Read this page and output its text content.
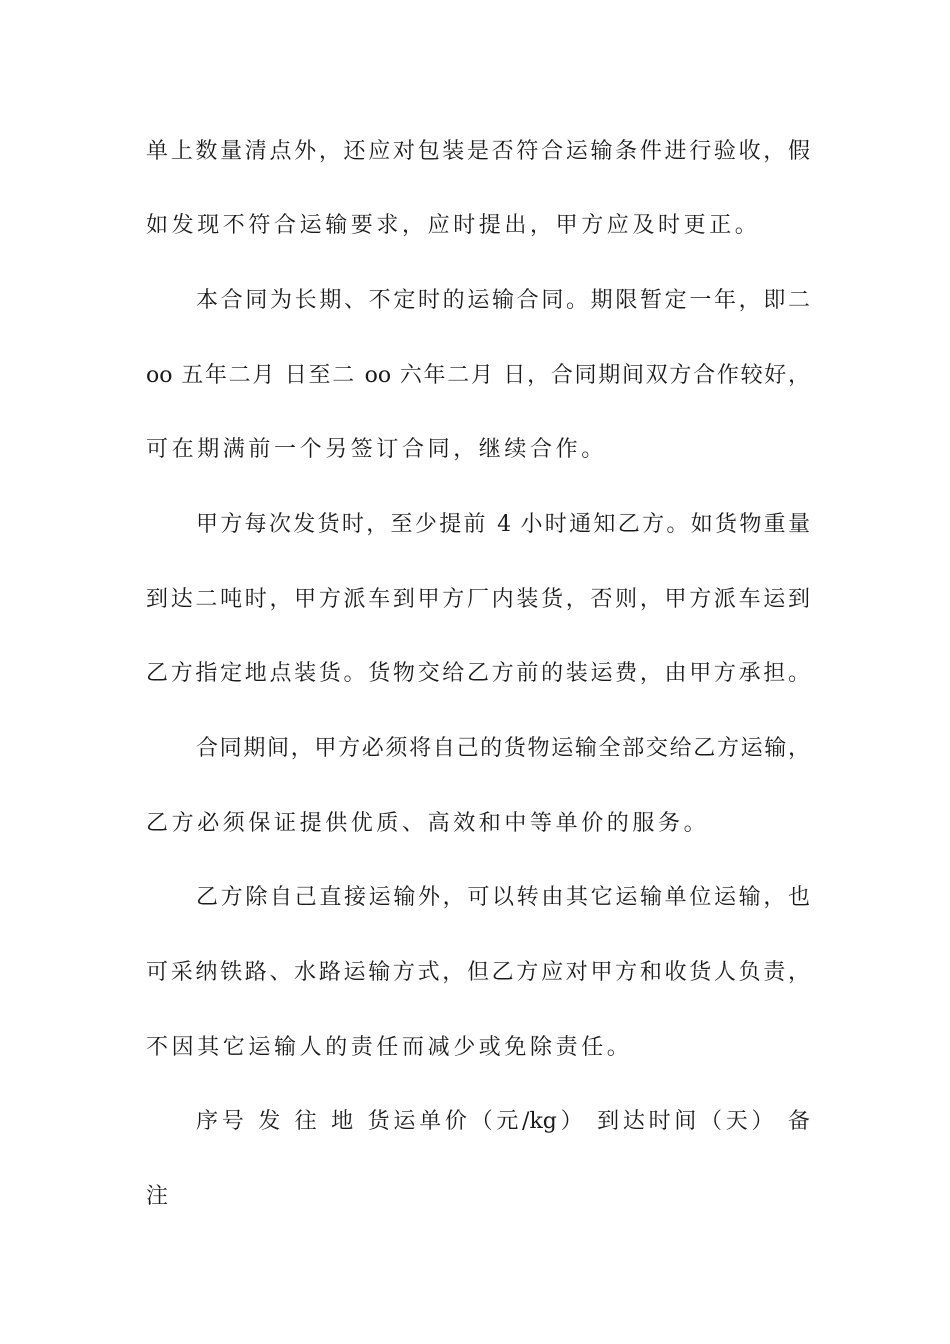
单上数量清点外，还应对包装是否符合运输条件进行验收，假
如发现不符合运输要求，应时提出，甲方应及时更正。
本合同为长期、不定时的运输合同。期限暂定一年，即二
oo 五年二月 日至二 oo 六年二月 日，合同期间双方合作较好，
可在期满前一个另签订合同，继续合作。
甲方每次发货时，至少提前 4 小时通知乙方。如货物重量
到达二吨时，甲方派车到甲方厂内装货，否则，甲方派车运到
乙方指定地点装货。货物交给乙方前的装运费，由甲方承担。
合同期间，甲方必须将自己的货物运输全部交给乙方运输，
乙方必须保证提供优质、高效和中等单价的服务。
乙方除自己直接运输外，可以转由其它运输单位运输，也
可采纳铁路、水路运输方式，但乙方应对甲方和收货人负责，
不因其它运输人的责任而减少或免除责任。
序号 发 往 地 货运单价（元/kg） 到达时间（天） 备
注
